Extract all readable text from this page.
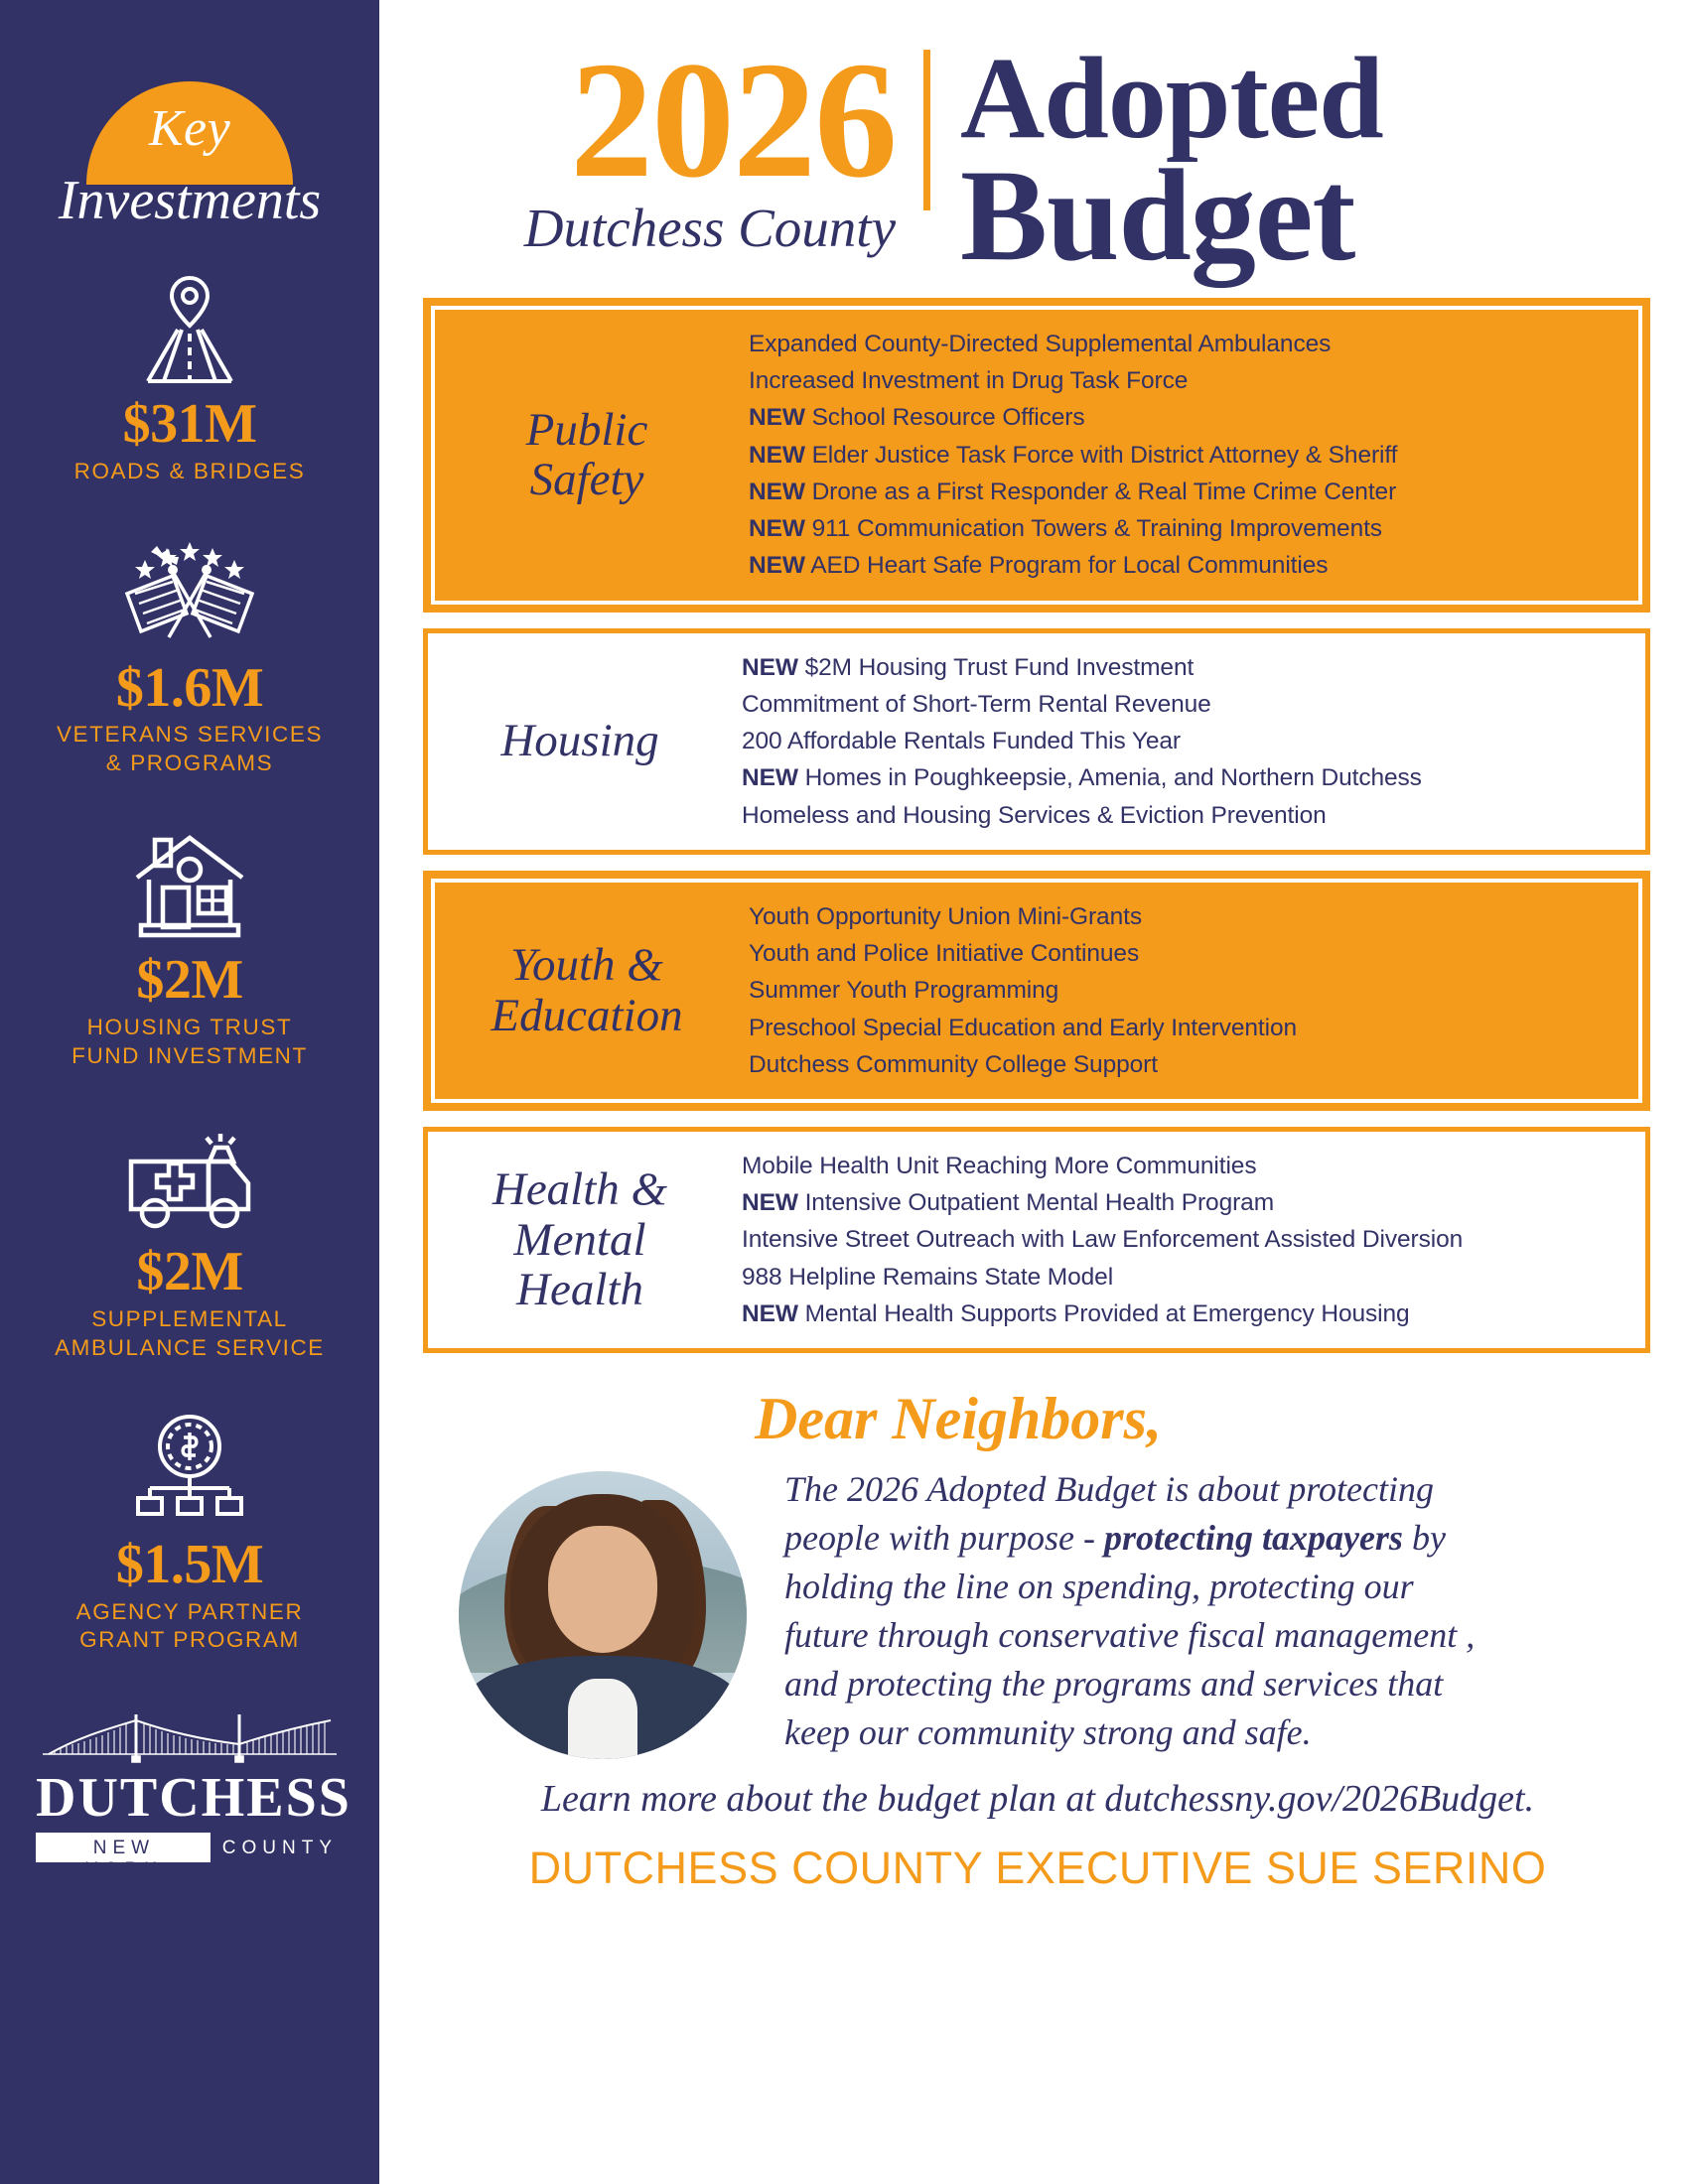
Key
Investments
$31M
ROADS & BRIDGES
$1.6M
VETERANS SERVICES
& PROGRAMS
$2M
HOUSING TRUST
FUND INVESTMENT
$2M
SUPPLEMENTAL
AMBULANCE SERVICE
$1.5M
AGENCY PARTNER
GRANT PROGRAM
DUTCHESS
NEW YORK
COUNTY
2026
Dutchess County
Adopted
Budget
Public
Safety
Expanded County-Directed Supplemental Ambulances
Increased Investment in Drug Task Force
NEW School Resource Officers
NEW Elder Justice Task Force with District Attorney & Sheriff
NEW Drone as a First Responder & Real Time Crime Center
NEW 911 Communication Towers & Training Improvements
NEW AED Heart Safe Program for Local Communities
Housing
NEW $2M Housing Trust Fund Investment
Commitment of Short-Term Rental Revenue
200 Affordable Rentals Funded This Year
NEW Homes in Poughkeepsie, Amenia, and Northern Dutchess
Homeless and Housing Services & Eviction Prevention
Youth &
Education
Youth Opportunity Union Mini-Grants
Youth and Police Initiative Continues
Summer Youth Programming
Preschool Special Education and Early Intervention
Dutchess Community College Support
Health &
Mental
Health
Mobile Health Unit Reaching More Communities
NEW Intensive Outpatient Mental Health Program
Intensive Street Outreach with Law Enforcement Assisted Diversion
988 Helpline Remains State Model
NEW Mental Health Supports Provided at Emergency Housing
Dear Neighbors,
The 2026 Adopted Budget is about protecting
people with purpose - protecting taxpayers by
holding the line on spending, protecting our
future through conservative fiscal management ,
and protecting the programs and services that
keep our community strong and safe.
Learn more about the budget plan at dutchessny.gov/2026Budget.
DUTCHESS COUNTY EXECUTIVE SUE SERINO
